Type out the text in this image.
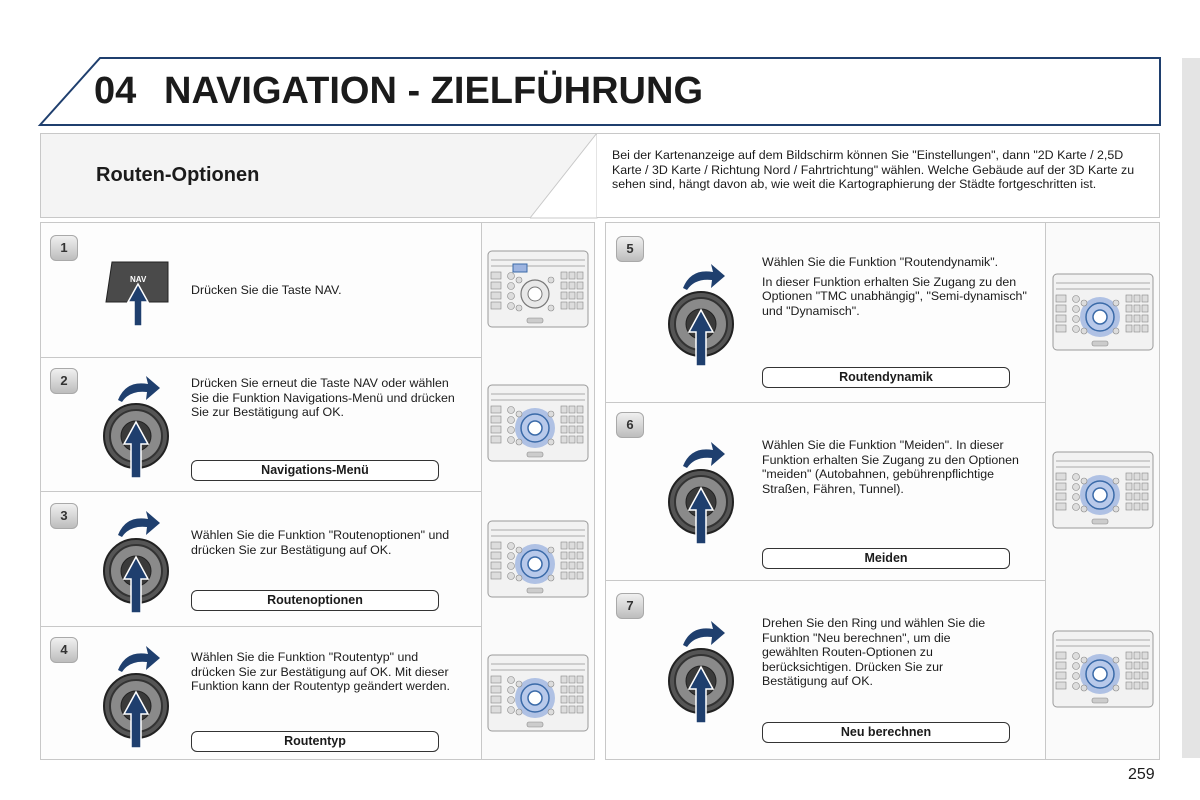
04 NAVIGATION - ZIELFÜHRUNG
Routen-Optionen
Bei der Kartenanzeige auf dem Bildschirm können Sie "Einstellungen", dann "2D Karte / 2,5D Karte / 3D Karte / Richtung Nord / Fahrtrichtung" wählen. Welche Gebäude auf der 3D Karte zu sehen sind, hängt davon ab, wie weit die Kartographierung der Städte fortgeschritten ist.
1
NAV
Drücken Sie die Taste NAV.
2	Drücken Sie erneut die Taste NAV oder wählen Sie die Funktion Navigations-Menü und drücken Sie zur Bestätigung auf OK.
Navigations-Menü
3
Wählen Sie die Funktion "Routenoptionen" und drücken Sie zur Bestätigung auf OK.
Routenoptionen
4	Wählen Sie die Funktion "Routentyp" und drücken Sie zur Bestätigung auf OK. Mit dieser Funktion kann der Routentyp geändert werden.
Routentyp
5

Wählen Sie die Funktion "Routendynamik".

In dieser Funktion erhalten Sie Zugang zu den Optionen "TMC unabhängig", "Semi-dynamisch" und "Dynamisch".

Routendynamik
6
Wählen Sie die Funktion "Meiden". In dieser Funktion erhalten Sie Zugang zu den Optionen "meiden" (Autobahnen, gebührenpflichtige Straßen, Fähren, Tunnel).
Meiden
7
Drehen Sie den Ring und wählen Sie die Funktion "Neu berechnen", um die gewählten Routen-Optionen zu berücksichtigen. Drücken Sie zur Bestätigung auf OK.
Neu berechnen
259
